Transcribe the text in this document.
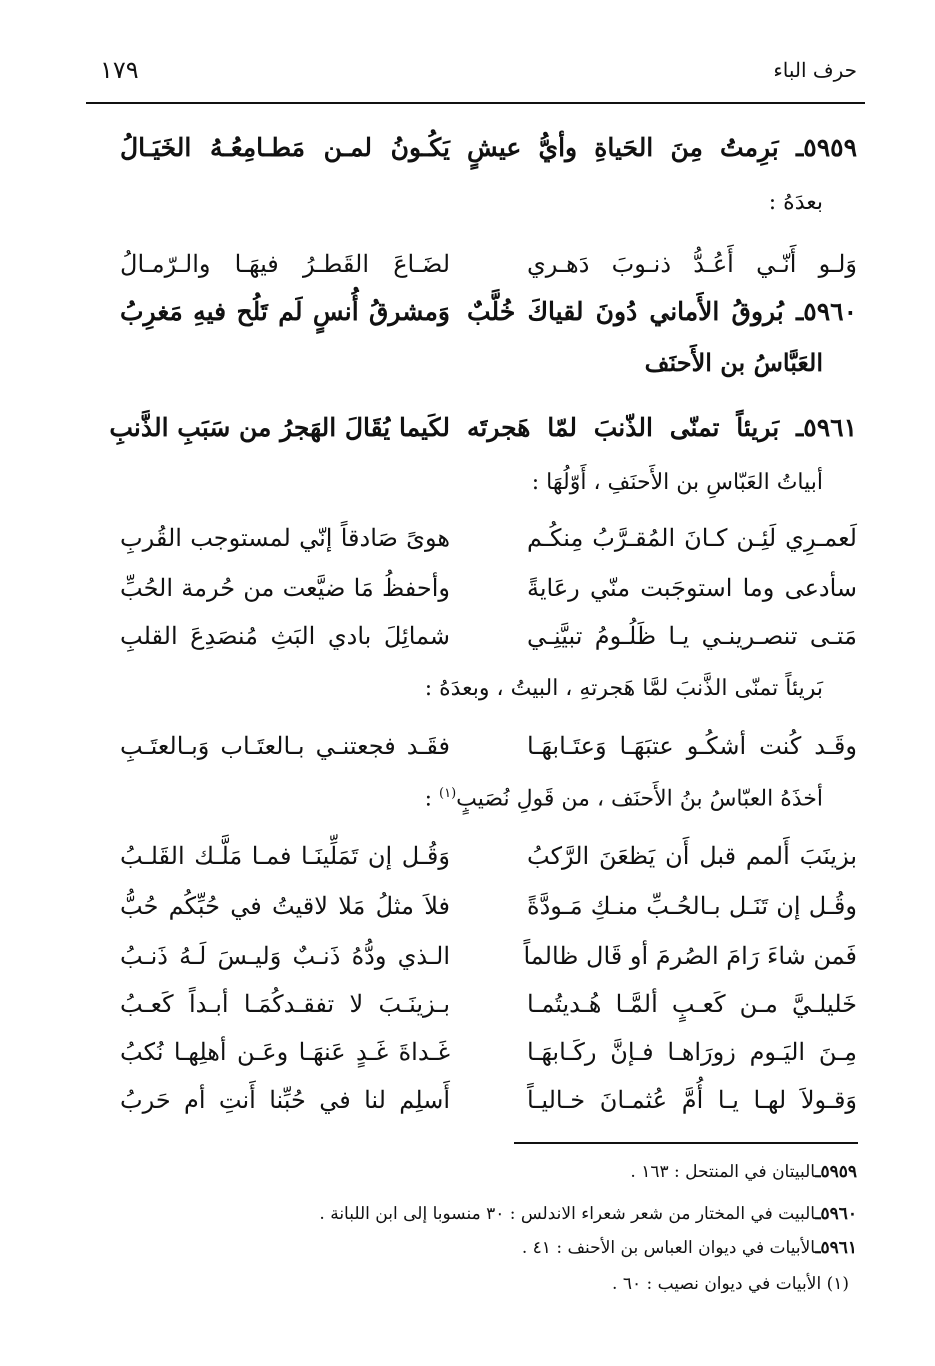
حرف الباء
١٧٩
٥٩٥٩ـ بَرِمتُ مِنَ الحَياةِ وأيُّ عيشٍ
يَكُـونُ لمـن مَطـامِعُـهُ الخَيَـالُ
بعدَهُ :
وَلـو أَنّـي أَعُـدُّ ذنـوبَ دَهـري
لضَـاعَ القَطـرُ فيهَـا والـرّمـالُ
٥٩٦٠ـ بُروقُ الأَماني دُونَ لقياكَ خُلَّبٌ
وَمشرقُ أُنسٍ لَم تَلُح فيهِ مَغرِبُ
العَبَّاسُ بن الأَحنَف
٥٩٦١ـ بَريئاً تمنّى الذّنبَ لمّا هَجرتَه
لكَيما يُقَالَ الهَجرُ من سَبَبِ الذَّنبِ
أبياتُ العَبّاسِ بن الأَحنَفِ ، أَوّلُهَا :
لَعمـرِي لَئِـن كـانَ المُقـرَّبُ مِنكُـم
هوىً صَادقاً إنّي لمستوجب القُربِ
سأدعى وما استوجَبت منّي رعَايةً
وأحفظُ مَا ضيَّعت من حُرمة الحُبِّ
مَتـى تنصـرينـي يـا ظَلُـومُ تبيَّنِـي
شمائِلَ بادي البَثِ مُنصَدِعَ القلبِ
بَريئاً تمنّى الذَّنبَ لمَّا هَجرتهِ ، البيتُ ، وبعدَهُ :
وقَـد كُنت أشكُـو عتبَهَـا وَعتَـابهَـا
فقَـد فجعتنـي بـالعتَـاب وَبـالعتَـبِ
أخذَهُ العبّاسُ بنُ الأَحنَف ، من قَولِ نُصَيبٍ$^{(١)}$ :
بزينَبَ أَلمم قبل أَن يَظعَنَ الرَّكبُ
وَقُـل إن تَمَلِّينَـا فمـا مَلَّـك القَلـبُ
وقُـل إن تَنَـل بـالحُـبِّ منـكِ مَـودَّةً
فلاَ مثلُ مَلا لاقيتُ في حُبِّكُم حُبُّ
فَمن شاءَ رَامَ الصُرمَ أو قَال ظالماً
الـذي ودُّهُ ذَنـبٌ وَليـسَ لَـهُ ذَنـبُ
خَليلـيَّ مـن كَعـبٍ ألمَّـا هُـديتُمـا
بـزينَـبَ لا تفقـدكُمَـا أبـداً كَعـبُ
مِـنَ اليَـوم زورَاهـا فـإنَّ ركَـابهَـا
غَـداةَ غَـدٍ عَنهَـا وعَـن أهلِهـا نُكبُ
وَقـولاَ لهـا يـا أُمَّ عُثمـانَ خـاليـاً
أَسلِم لنا في حُبِّنا أَنتِ أم حَربُ
٥٩٥٩ـالبيتان في المنتحل : ١٦٣ .
٥٩٦٠ـالبيت في المختار من شعر شعراء الاندلس : ٣٠ منسوبا إلى ابن اللبانة .
٥٩٦١ـالأبيات في ديوان العباس بن الأحنف : ٤١ .
(١) الأبيات في ديوان نصيب : ٦٠ .
